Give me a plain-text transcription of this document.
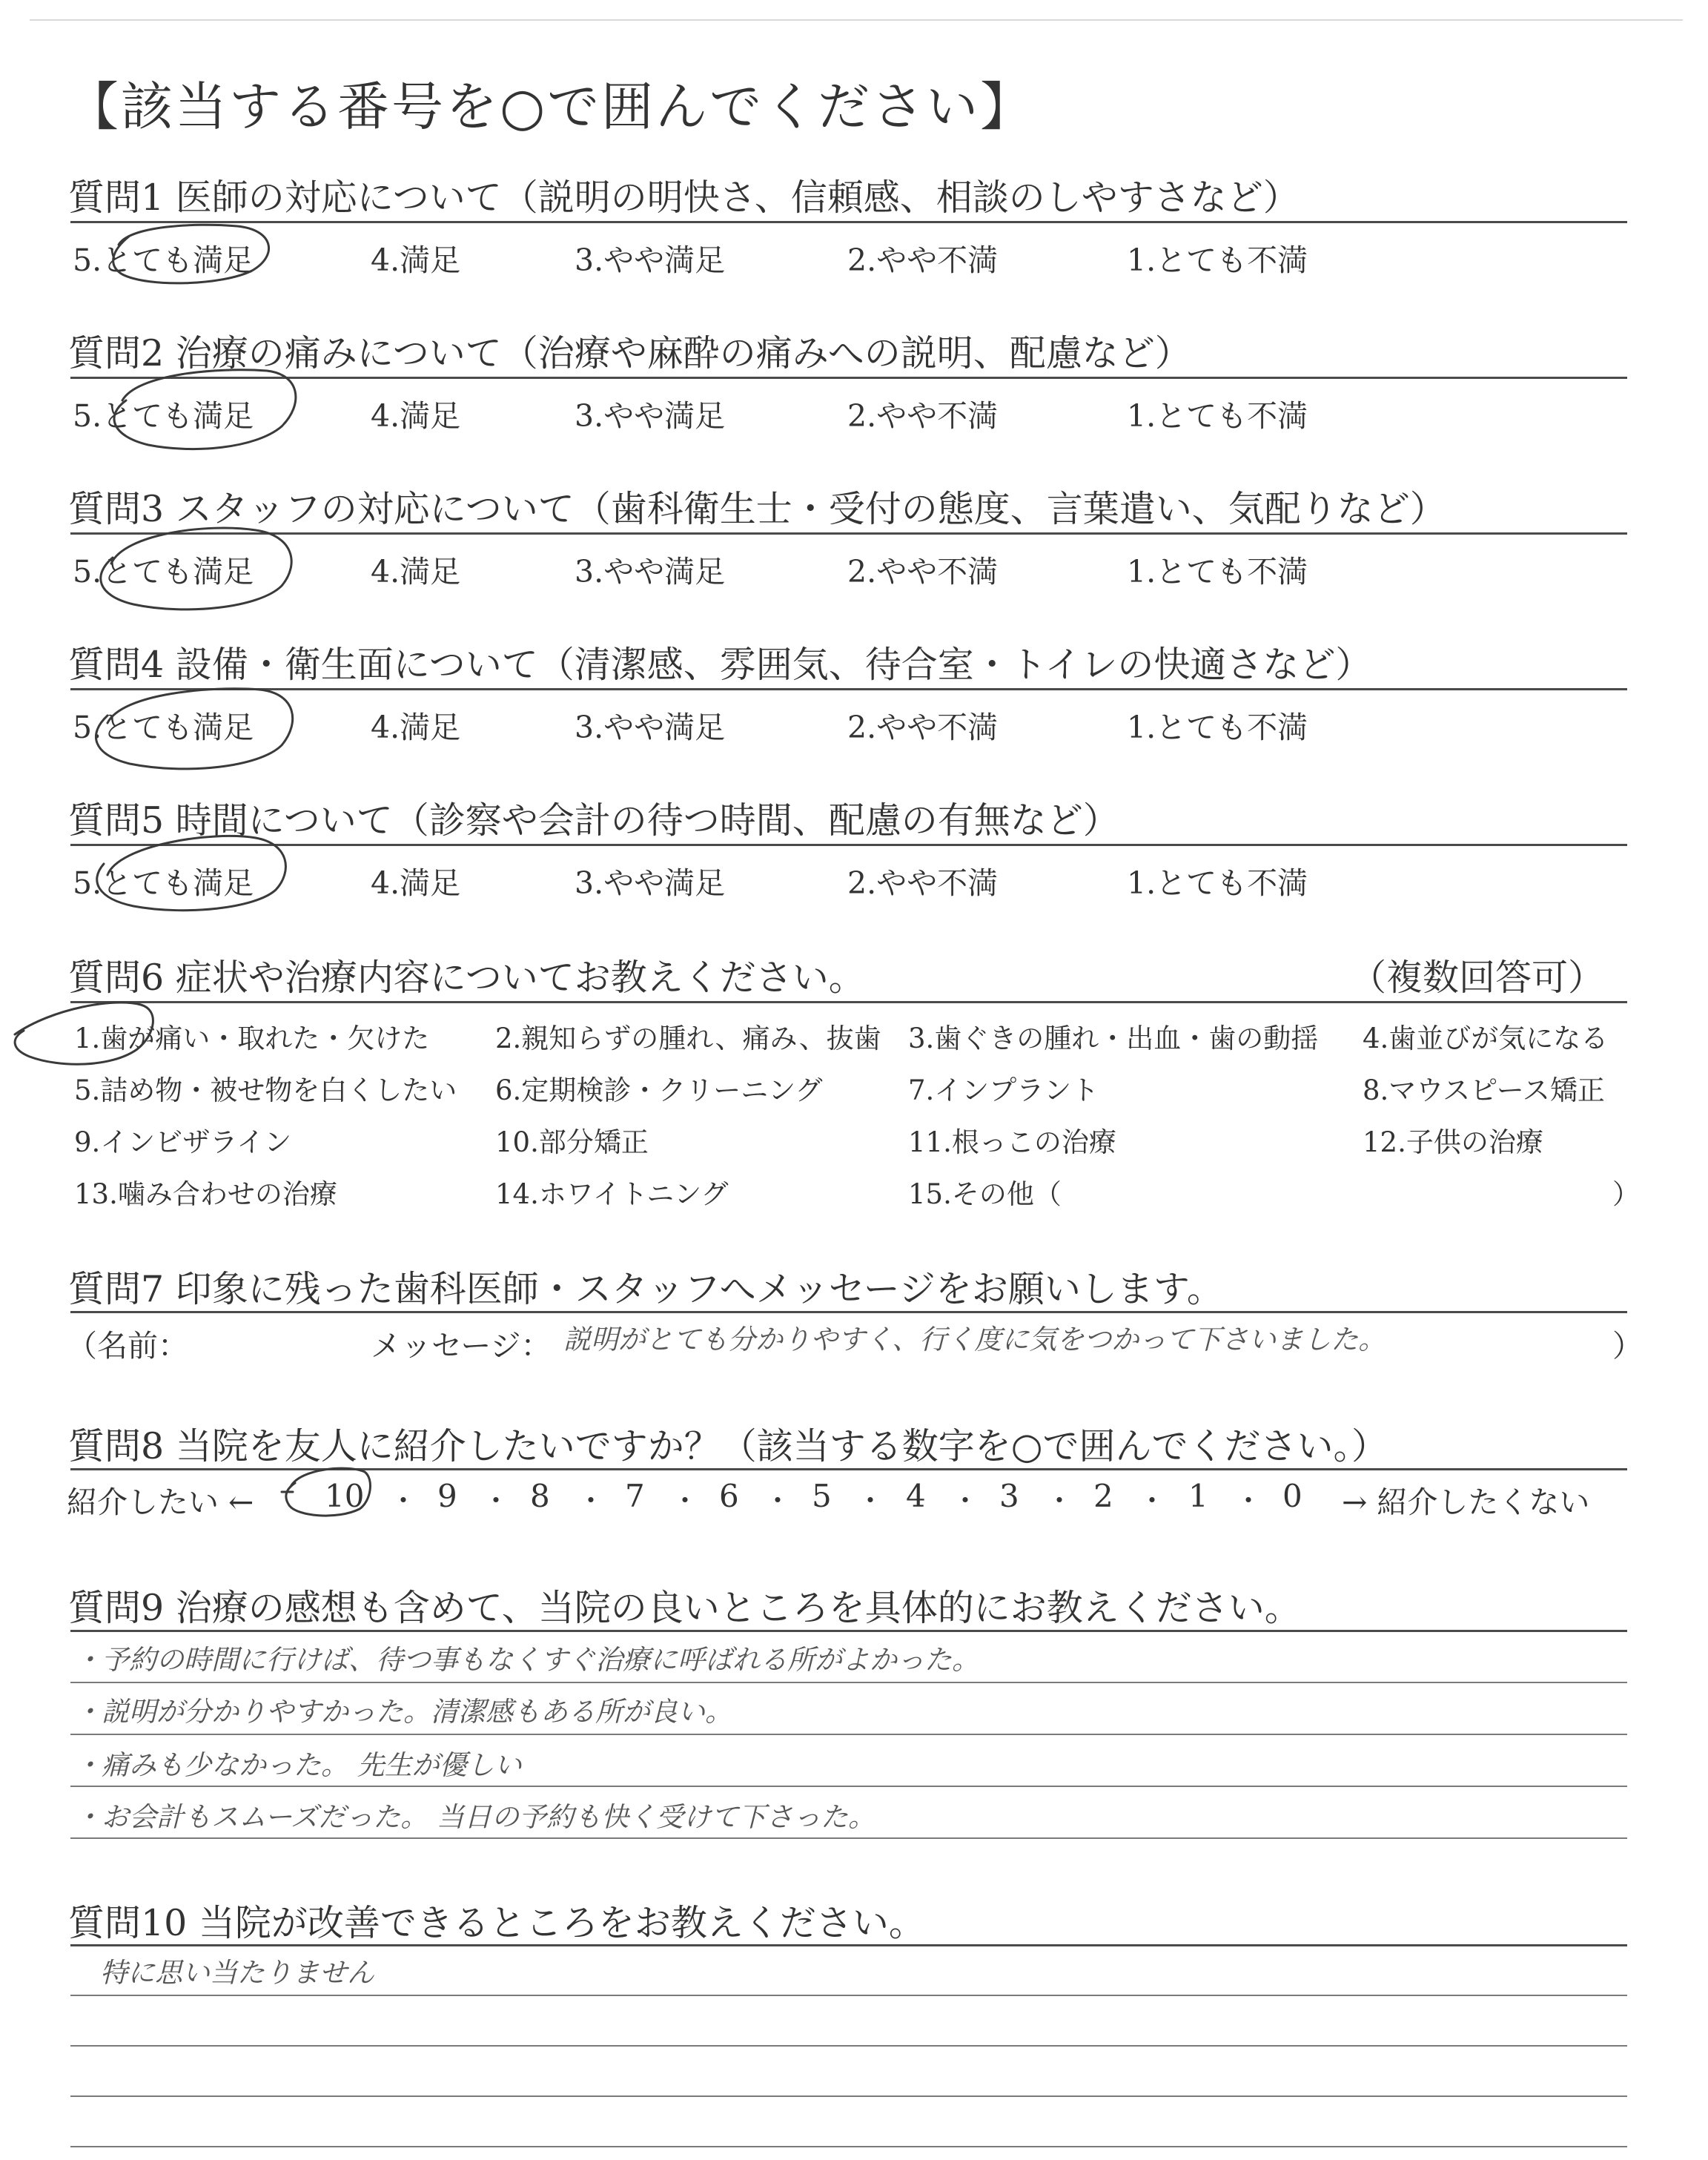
【該当する番号を○で囲んでください】
質問1 医師の対応について（説明の明快さ、信頼感、相談のしやすさなど）
5.とても満足	4.満足	3.やや満足	2.やや不満	1.とても不満
質問2 治療の痛みについて（治療や麻酔の痛みへの説明、配慮など）
5.とても満足	4.満足	3.やや満足	2.やや不満	1.とても不満
質問3 スタッフの対応について（歯科衛生士・受付の態度、言葉遣い、気配りなど）
5.とても満足	4.満足	3.やや満足	2.やや不満	1.とても不満
質問4 設備・衛生面について（清潔感、雰囲気、待合室・トイレの快適さなど）
5.とても満足	4.満足	3.やや満足	2.やや不満	1.とても不満
質問5 時間について（診察や会計の待つ時間、配慮の有無など）
5.とても満足	4.満足	3.やや満足	2.やや不満	1.とても不満
質問6 症状や治療内容についてお教えください。	（複数回答可）
1.歯が痛い・取れた・欠けた 2.親知らずの腫れ、痛み、抜歯 3.歯ぐきの腫れ・出血・歯の動揺 4.歯並びが気になる
5.詰め物・被せ物を白くしたい 6.定期検診・クリーニング	7.インプラント	8.マウスピース矯正
9.インビザライン	10.部分矯正	11.根っこの治療	12.子供の治療
13.噛み合わせの治療	14.ホワイトニング	15.その他（	）
質問7 印象に残った歯科医師・スタッフへメッセージをお願いします。
（名前：	メッセージ： 説明がとても分かりやすく、行く度に気をつかって下さいました。	）
質問8 当院を友人に紹介したいですか？（該当する数字を○で囲んでください。）
紹介したい ← 10 ・ 9 ・ 8 ・ 7 ・ 6 ・ 5 ・ 4 ・ 3 ・ 2 ・ 1 ・ 0 → 紹介したくない
質問9 治療の感想も含めて、当院の良いところを具体的にお教えください。
・予約の時間に行けば、待つ事もなくすぐ治療に呼ばれる所がよかった。
・説明が分かりやすかった。清潔感もある所が良い。
・痛みも少なかった。 先生が優しい
・お会計もスムーズだった。 当日の予約も快く受けて下さった。
質問10 当院が改善できるところをお教えください。
特に思い当たりません
